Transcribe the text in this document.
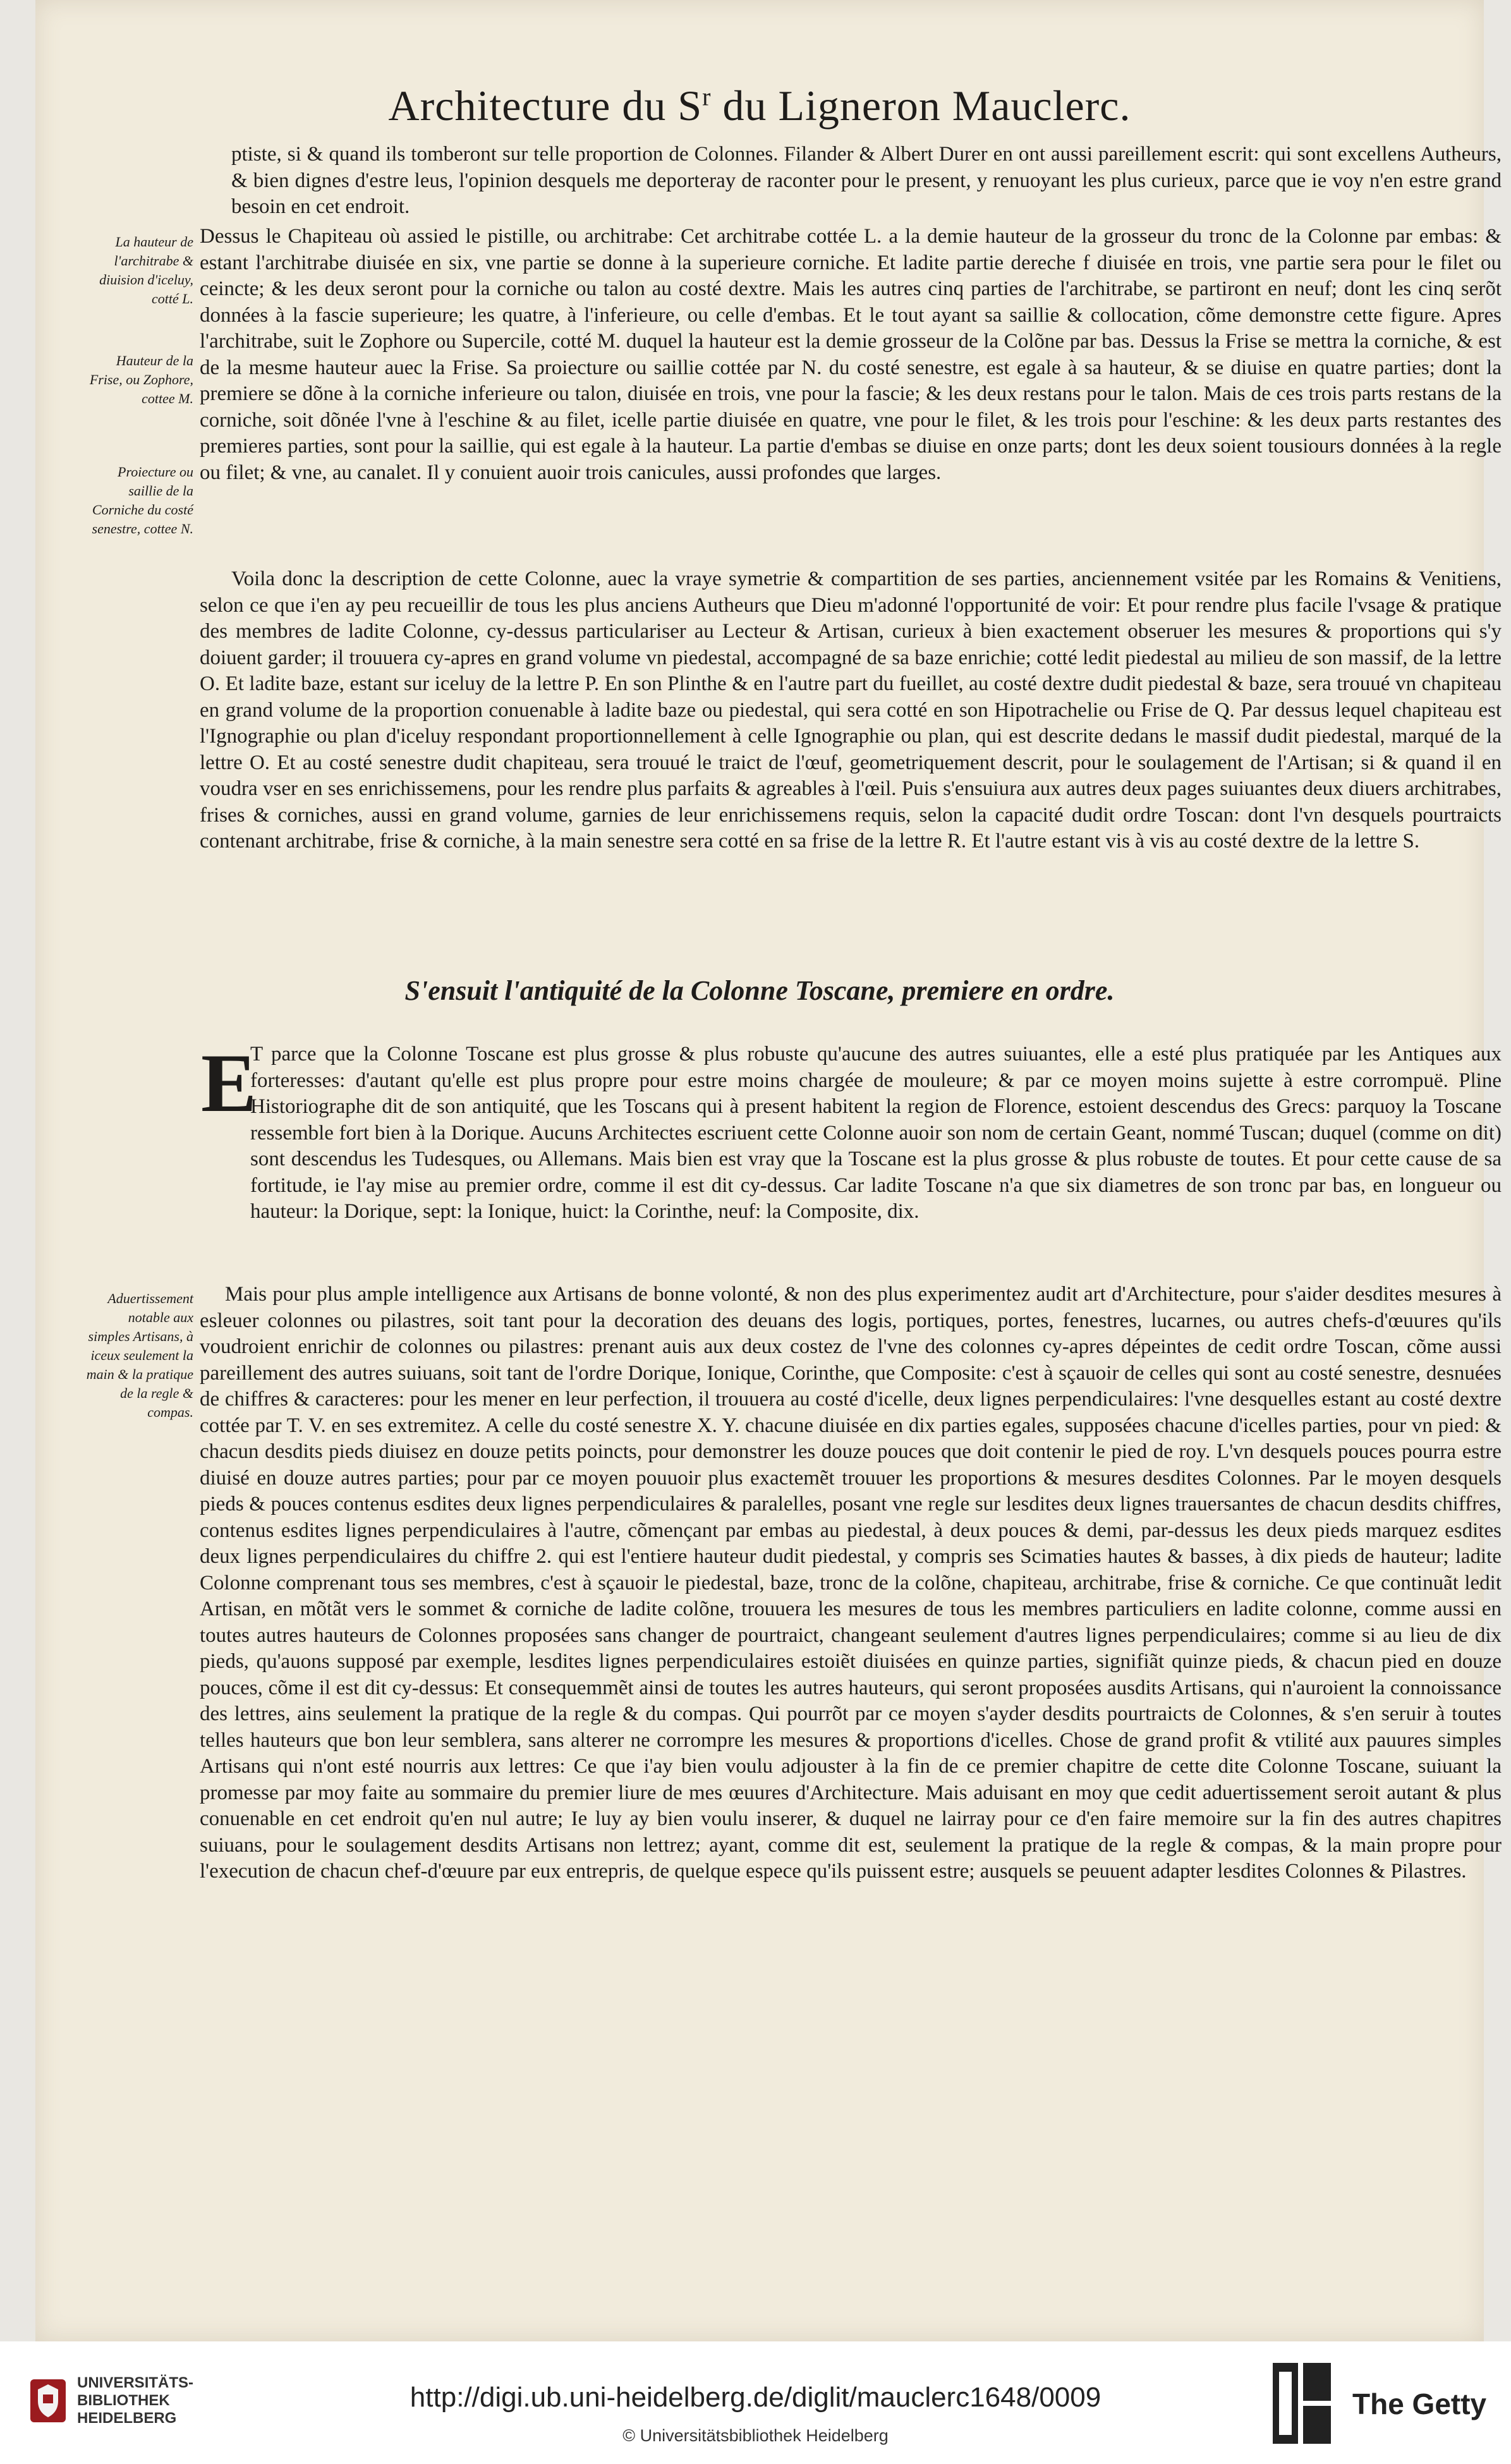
Architecture du $S^r$ du Ligneron Mauclerc.
La hauteur de l'architrabe & diuision d'iceluy, cotté L.
Hauteur de la Frise, ou Zophore, cottee M.
Proiecture ou saillie de la Corniche du costé senestre, cottee N.
ptiste, si & quand ils tomberont sur telle proportion de Colonnes. Filander & Albert Durer en ont aussi pareillement escrit: qui sont excellens Autheurs, & bien dignes d'estre leus, l'opinion desquels me deporteray de raconter pour le present, y renuoyant les plus curieux, parce que ie voy n'en estre grand besoin en cet endroit.
Dessus le Chapiteau où assied le pistille, ou architrabe: Cet architrabe cottée L. a la demie hauteur de la grosseur du tronc de la Colonne par embas: & estant l'architrabe diuisée en six, vne partie se donne à la superieure corniche. Et ladite partie dereche f diuisée en trois, vne partie sera pour le filet ou ceincte; & les deux seront pour la corniche ou talon au costé dextre. Mais les autres cinq parties de l'architrabe, se partiront en neuf; dont les cinq serõt données à la fascie superieure; les quatre, à l'inferieure, ou celle d'embas. Et le tout ayant sa saillie & collocation, cõme demonstre cette figure. Apres l'architrabe, suit le Zophore ou Supercile, cotté M. duquel la hauteur est la demie grosseur de la Colõne par bas. Dessus la Frise se mettra la corniche, & est de la mesme hauteur auec la Frise. Sa proiecture ou saillie cottée par N. du costé senestre, est egale à sa hauteur, & se diuise en quatre parties; dont la premiere se dõne à la corniche inferieure ou talon, diuisée en trois, vne pour la fascie; & les deux restans pour le talon. Mais de ces trois parts restans de la corniche, soit dõnée l'vne à l'eschine & au filet, icelle partie diuisée en quatre, vne pour le filet, & les trois pour l'eschine: & les deux parts restantes des premieres parties, sont pour la saillie, qui est egale à la hauteur. La partie d'embas se diuise en onze parts; dont les deux soient tousiours données à la regle ou filet; & vne, au canalet. Il y conuient auoir trois canicules, aussi profondes que larges.
Voila donc la description de cette Colonne, auec la vraye symetrie & compartition de ses parties, anciennement vsitée par les Romains & Venitiens, selon ce que i'en ay peu recueillir de tous les plus anciens Autheurs que Dieu m'adonné l'opportunité de voir: Et pour rendre plus facile l'vsage & pratique des membres de ladite Colonne, cy-dessus particulariser au Lecteur & Artisan, curieux à bien exactement obseruer les mesures & proportions qui s'y doiuent garder; il trouuera cy-apres en grand volume vn piedestal, accompagné de sa baze enrichie; cotté ledit piedestal au milieu de son massif, de la lettre O. Et ladite baze, estant sur iceluy de la lettre P. En son Plinthe & en l'autre part du fueillet, au costé dextre dudit piedestal & baze, sera trouué vn chapiteau en grand volume de la proportion conuenable à ladite baze ou piedestal, qui sera cotté en son Hipotrachelie ou Frise de Q. Par dessus lequel chapiteau est l'Ignographie ou plan d'iceluy respondant proportionnellement à celle Ignographie ou plan, qui est descrite dedans le massif dudit piedestal, marqué de la lettre O. Et au costé senestre dudit chapiteau, sera trouué le traict de l'œuf, geometriquement descrit, pour le soulagement de l'Artisan; si & quand il en voudra vser en ses enrichissemens, pour les rendre plus parfaits & agreables à l'œil. Puis s'ensuiura aux autres deux pages suiuantes deux diuers architrabes, frises & corniches, aussi en grand volume, garnies de leur enrichissemens requis, selon la capacité dudit ordre Toscan: dont l'vn desquels pourtraicts contenant architrabe, frise & corniche, à la main senestre sera cotté en sa frise de la lettre R. Et l'autre estant vis à vis au costé dextre de la lettre S.
S'ensuit l'antiquité de la Colonne Toscane, premiere en ordre.
E
T parce que la Colonne Toscane est plus grosse & plus robuste qu'aucune des autres suiuantes, elle a esté plus pratiquée par les Antiques aux forteresses: d'autant qu'elle est plus propre pour estre moins chargée de mouleure; & par ce moyen moins sujette à estre corrompuë. Pline Historiographe dit de son antiquité, que les Toscans qui à present habitent la region de Florence, estoient descendus des Grecs: parquoy la Toscane ressemble fort bien à la Dorique. Aucuns Architectes escriuent cette Colonne auoir son nom de certain Geant, nommé Tuscan; duquel (comme on dit) sont descendus les Tudesques, ou Allemans. Mais bien est vray que la Toscane est la plus grosse & plus robuste de toutes. Et pour cette cause de sa fortitude, ie l'ay mise au premier ordre, comme il est dit cy-dessus. Car ladite Toscane n'a que six diametres de son tronc par bas, en longueur ou hauteur: la Dorique, sept: la Ionique, huict: la Corinthe, neuf: la Composite, dix.
Aduertissement notable aux simples Artisans, à iceux seulement la main & la pratique de la regle & compas.
Mais pour plus ample intelligence aux Artisans de bonne volonté, & non des plus experimentez audit art d'Architecture, pour s'aider desdites mesures à esleuer colonnes ou pilastres, soit tant pour la decoration des deuans des logis, portiques, portes, fenestres, lucarnes, ou autres chefs-d'œuures qu'ils voudroient enrichir de colonnes ou pilastres: prenant auis aux deux costez de l'vne des colonnes cy-apres dépeintes de cedit ordre Toscan, cõme aussi pareillement des autres suiuans, soit tant de l'ordre Dorique, Ionique, Corinthe, que Composite: c'est à sçauoir de celles qui sont au costé senestre, desnuées de chiffres & caracteres: pour les mener en leur perfection, il trouuera au costé d'icelle, deux lignes perpendiculaires: l'vne desquelles estant au costé dextre cottée par T. V. en ses extremitez. A celle du costé senestre X. Y. chacune diuisée en dix parties egales, supposées chacune d'icelles parties, pour vn pied: & chacun desdits pieds diuisez en douze petits poincts, pour demonstrer les douze pouces que doit contenir le pied de roy. L'vn desquels pouces pourra estre diuisé en douze autres parties; pour par ce moyen pouuoir plus exactemẽt trouuer les proportions & mesures desdites Colonnes. Par le moyen desquels pieds & pouces contenus esdites deux lignes perpendiculaires & paralelles, posant vne regle sur lesdites deux lignes trauersantes de chacun desdits chiffres, contenus esdites lignes perpendiculaires à l'autre, cõmençant par embas au piedestal, à deux pouces & demi, par-dessus les deux pieds marquez esdites deux lignes perpendiculaires du chiffre 2. qui est l'entiere hauteur dudit piedestal, y compris ses Scimaties hautes & basses, à dix pieds de hauteur; ladite Colonne comprenant tous ses membres, c'est à sçauoir le piedestal, baze, tronc de la colõne, chapiteau, architrabe, frise & corniche. Ce que continuãt ledit Artisan, en mõtãt vers le sommet & corniche de ladite colõne, trouuera les mesures de tous les membres particuliers en ladite colonne, comme aussi en toutes autres hauteurs de Colonnes proposées sans changer de pourtraict, changeant seulement d'autres lignes perpendiculaires; comme si au lieu de dix pieds, qu'auons supposé par exemple, lesdites lignes perpendiculaires estoiẽt diuisées en quinze parties, signifiãt quinze pieds, & chacun pied en douze pouces, cõme il est dit cy-dessus: Et consequemmẽt ainsi de toutes les autres hauteurs, qui seront proposées ausdits Artisans, qui n'auroient la connoissance des lettres, ains seulement la pratique de la regle & du compas. Qui pourrõt par ce moyen s'ayder desdits pourtraicts de Colonnes, & s'en seruir à toutes telles hauteurs que bon leur semblera, sans alterer ne corrompre les mesures & proportions d'icelles. Chose de grand profit & vtilité aux pauures simples Artisans qui n'ont esté nourris aux lettres: Ce que i'ay bien voulu adjouster à la fin de ce premier chapitre de cette dite Colonne Toscane, suiuant la promesse par moy faite au sommaire du premier liure de mes œuures d'Architecture. Mais aduisant en moy que cedit aduertissement seroit autant & plus conuenable en cet endroit qu'en nul autre; Ie luy ay bien voulu inserer, & duquel ne lairray pour ce d'en faire memoire sur la fin des autres chapitres suiuans, pour le soulagement desdits Artisans non lettrez; ayant, comme dit est, seulement la pratique de la regle & compas, & la main propre pour l'execution de chacun chef-d'œuure par eux entrepris, de quelque espece qu'ils puissent estre; ausquels se peuuent adapter lesdites Colonnes & Pilastres.
UNIVERSITÄTS-
BIBLIOTHEK
HEIDELBERG
http://digi.ub.uni-heidelberg.de/diglit/mauclerc1648/0009
© Universitätsbibliothek Heidelberg
The Getty
